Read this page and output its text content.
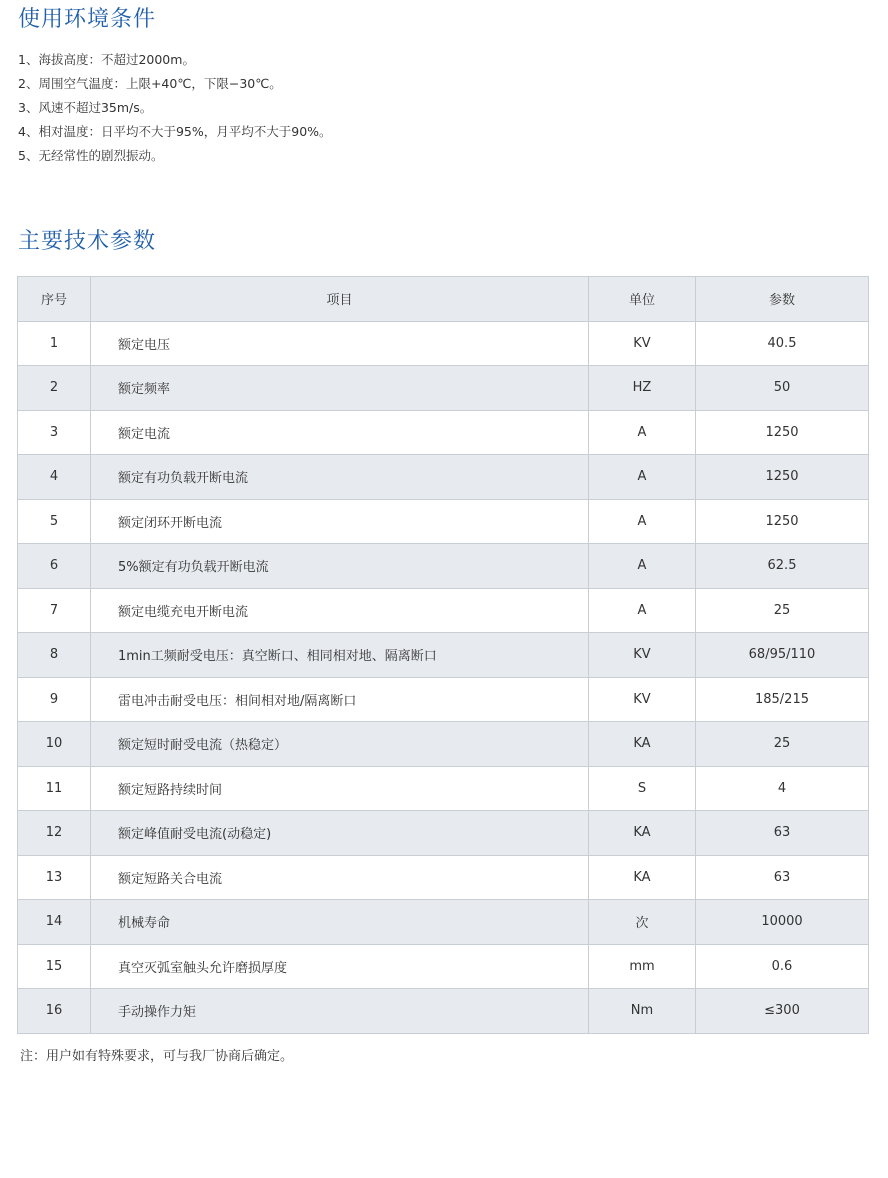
使用环境条件
1、海拔高度：不超过2000m。
2、周围空气温度：上限+40℃，下限−30℃。
3、风速不超过35m/s。
4、相对温度：日平均不大于95%，月平均不大于90%。
5、无经常性的剧烈振动。
主要技术参数
序号	项目	单位	参数
1	额定电压	KV	40.5
2	额定频率	HZ	50
3	额定电流	A	1250
4	额定有功负载开断电流	A	1250
5	额定闭环开断电流	A	1250
6	5%额定有功负载开断电流	A	62.5
7	额定电缆充电开断电流	A	25
8	1min工频耐受电压：真空断口、相同相对地、隔离断口	KV	68/95/110
9	雷电冲击耐受电压：相间相对地/隔离断口	KV	185/215
10	额定短时耐受电流（热稳定）	KA	25
11	额定短路持续时间	S	4
12	额定峰值耐受电流(动稳定)	KA	63
13	额定短路关合电流	KA	63
14	机械寿命	次	10000
15	真空灭弧室触头允许磨损厚度	mm	0.6
16	手动操作力矩	Nm	≤300

注：用户如有特殊要求，可与我厂协商后确定。
